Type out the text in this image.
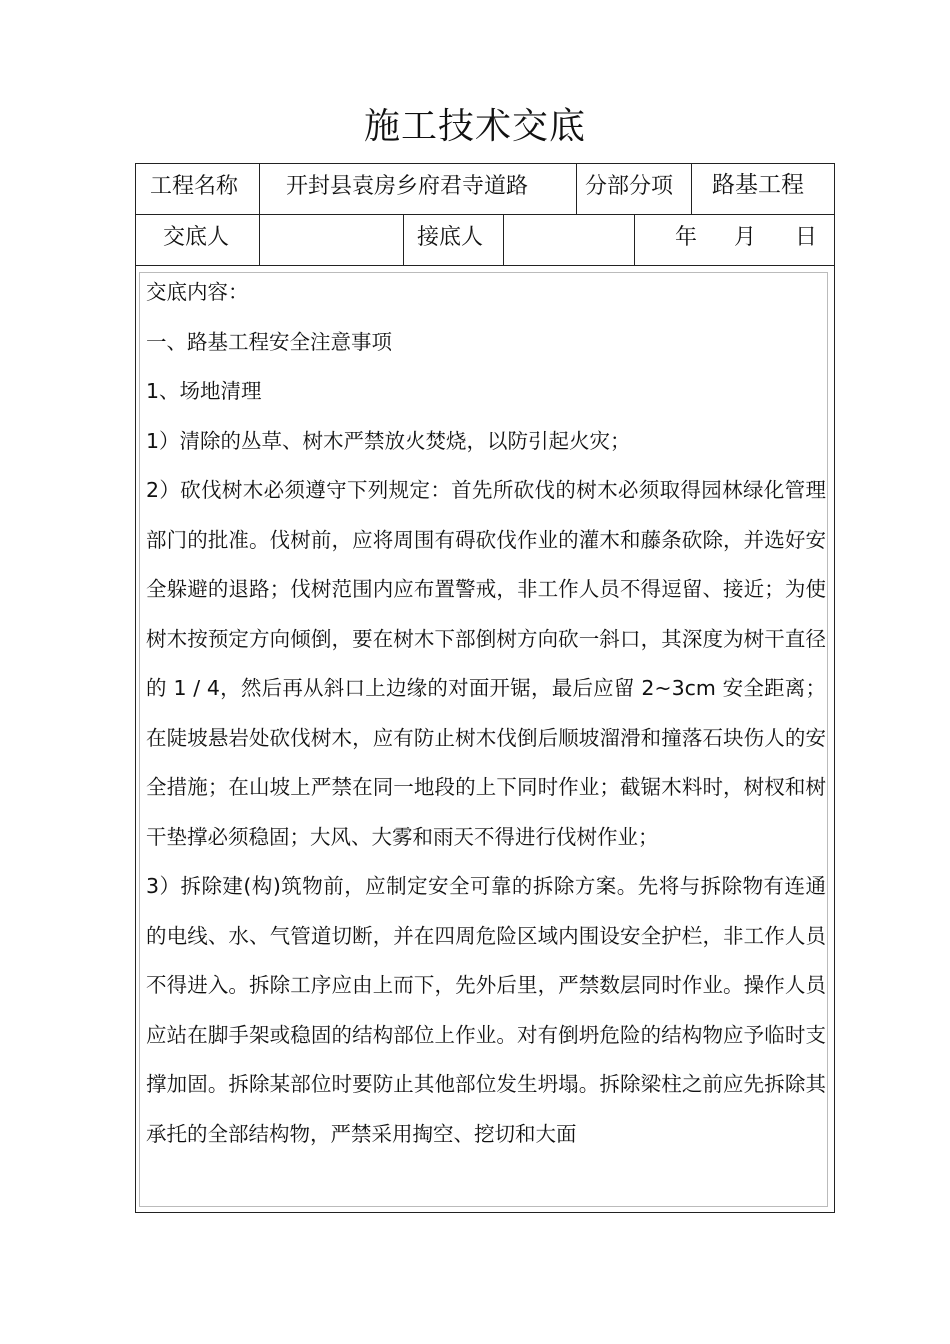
施工技术交底
工程名称 开封县袁房乡府君寺道路	分部分项 路基工程
交底人	接底人	年 月 日

交底内容：

一、路基工程安全注意事项

1、场地清理

1）清除的丛草、树木严禁放火焚烧，以防引起火灾；

2）砍伐树木必须遵守下列规定：首先所砍伐的树木必须取得园林绿化管理部门的批准。伐树前，应将周围有碍砍伐作业的灌木和藤条砍除，并选好安全躲避的退路；伐树范围内应布置警戒，非工作人员不得逗留、接近；为使树木按预定方向倾倒，要在树木下部倒树方向砍一斜口，其深度为树干直径的 1 / 4，然后再从斜口上边缘的对面开锯，最后应留 2~3cm 安全距离；在陡坡悬岩处砍伐树木，应有防止树木伐倒后顺坡溜滑和撞落石块伤人的安全措施；在山坡上严禁在同一地段的上下同时作业；截锯木料时，树杈和树干垫撑必须稳固；大风、大雾和雨天不得进行伐树作业；

3）拆除建(构)筑物前，应制定安全可靠的拆除方案。先将与拆除物有连通的电线、水、气管道切断，并在四周危险区域内围设安全护栏，非工作人员不得进入。拆除工序应由上而下，先外后里，严禁数层同时作业。操作人员应站在脚手架或稳固的结构部位上作业。对有倒坍危险的结构物应予临时支撑加固。拆除某部位时要防止其他部位发生坍塌。拆除梁柱之前应先拆除其承托的全部结构物，严禁采用掏空、挖切和大面
